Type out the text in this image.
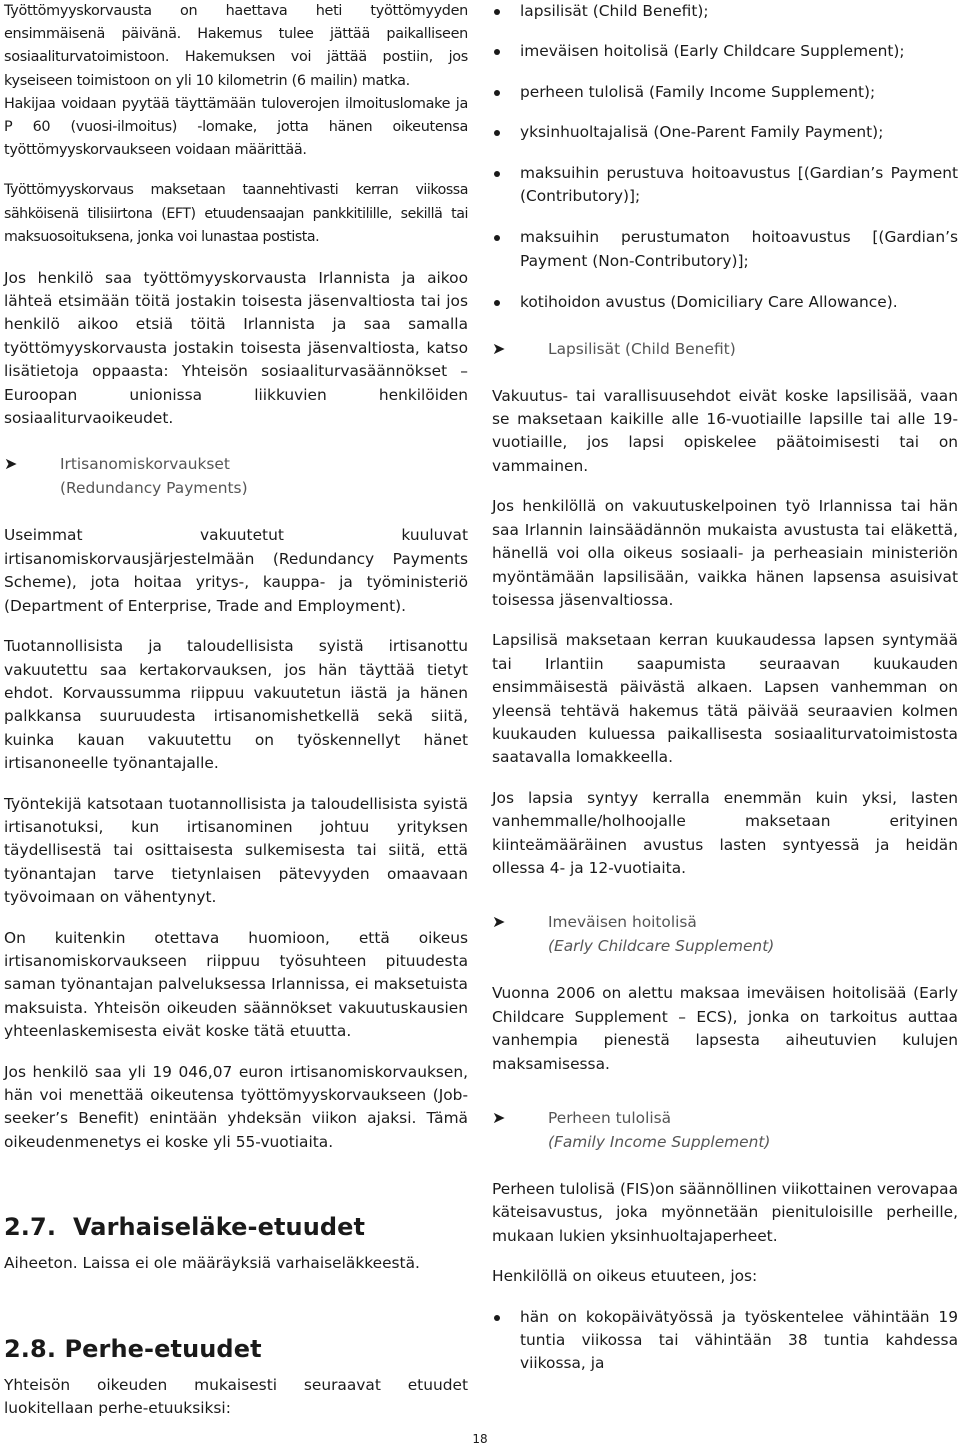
Työttömyyskorvausta on haettava heti työttömyyden ensimmäisenä päivänä. Hakemus tulee jättää paikalliseen sosiaaliturvatoimistoon. Hakemuksen voi jättää postiin, jos kyseiseen toimistoon on yli 10 kilometrin (6 mailin) matka.

Hakijaa voidaan pyytää täyttämään tuloverojen ilmoituslomake ja P 60 (vuosi-ilmoitus) -lomake, jotta hänen oikeutensa työttömyyskorvaukseen voidaan määrittää.

Työttömyyskorvaus maksetaan taannehtivasti kerran viikossa sähköisenä tilisiirtona (EFT) etuudensaajan pankkitilille, sekillä tai maksuosoituksena, jonka voi lunastaa postista.

Jos henkilö saa työttömyyskorvausta Irlannista ja aikoo lähteä etsimään töitä jostakin toisesta jäsenvaltiosta tai jos henkilö aikoo etsiä töitä Irlannista ja saa samalla työttömyyskorvausta jostakin toisesta jäsenvaltiosta, katso lisätietoja oppaasta: Yhteisön sosiaaliturvasäännökset – Euroopan unionissa liikkuvien henkilöiden sosiaaliturvaoikeudet.

➤	Irtisanomiskorvaukset
(Redundancy Payments)

Useimmat vakuutetut kuuluvat irtisanomiskorvausjärjestelmään (Redundancy Payments Scheme), jota hoitaa yritys-, kauppa- ja työministeriö (Department of Enterprise, Trade and Employment).

Tuotannollisista ja taloudellisista syistä irtisanottu vakuutettu saa kertakorvauksen, jos hän täyttää tietyt ehdot. Korvaussumma riippuu vakuutetun iästä ja hänen palkkansa suuruudesta irtisanomishetkellä sekä siitä, kuinka kauan vakuutettu on työskennellyt hänet irtisanoneelle työnantajalle.

Työntekijä katsotaan tuotannollisista ja taloudellisista syistä irtisanotuksi, kun irtisanominen johtuu yrityksen täydellisestä tai osittaisesta sulkemisesta tai siitä, että työnantajan tarve tietynlaisen pätevyyden omaavaan työvoimaan on vähentynyt.

On kuitenkin otettava huomioon, että oikeus irtisanomiskorvaukseen riippuu työsuhteen pituudesta saman työnantajan palveluksessa Irlannissa, ei maksetuista maksuista. Yhteisön oikeuden säännökset vakuutuskausien yhteenlaskemisesta eivät koske tätä etuutta.

Jos henkilö saa yli 19 046,07 euron irtisanomiskorvauksen, hän voi menettää oikeutensa työttömyyskorvaukseen (Job-seeker’s Benefit) enintään yhdeksän viikon ajaksi. Tämä oikeudenmenetys ei koske yli 55-vuotiaita.

2.7.  Varhaiseläke-etuudet

Aiheeton. Laissa ei ole määräyksiä varhaiseläkkeestä.

2.8. Perhe-etuudet

Yhteisön oikeuden mukaisesti seuraavat etuudet luokitellaan perhe-etuuksiksi:

lapsilisät (Child Benefit);
imeväisen hoitolisä (Early Childcare Supplement);
perheen tulolisä (Family Income Supplement);
yksinhuoltajalisä (One-Parent Family Payment);
maksuihin perustuva hoitoavustus [(Gardian’s Payment (Contributory)];
maksuihin perustumaton hoitoavustus [(Gardian’s Payment (Non-Contributory)];
kotihoidon avustus (Domiciliary Care Allowance).
➤	Lapsilisät (Child Benefit)

Vakuutus- tai varallisuusehdot eivät koske lapsilisää, vaan se maksetaan kaikille alle 16-vuotiaille lapsille tai alle 19-vuotiaille, jos lapsi opiskelee päätoimisesti tai on vammainen.

Jos henkilöllä on vakuutuskelpoinen työ Irlannissa tai hän saa Irlannin lainsäädännön mukaista avustusta tai eläkettä, hänellä voi olla oikeus sosiaali- ja perheasiain ministeriön myöntämään lapsilisään, vaikka hänen lapsensa asuisivat toisessa jäsenvaltiossa.

Lapsilisä maksetaan kerran kuukaudessa lapsen syntymää tai Irlantiin saapumista seuraavan kuukauden ensimmäisestä päivästä alkaen. Lapsen vanhemman on yleensä tehtävä hakemus tätä päivää seuraavien kolmen kuukauden kuluessa paikallisesta sosiaaliturvatoimistosta saatavalla lomakkeella.

Jos lapsia syntyy kerralla enemmän kuin yksi, lasten vanhemmalle/holhoojalle maksetaan erityinen kiinteämääräinen avustus lasten syntyessä ja heidän ollessa 4- ja 12-vuotiaita.

➤	Imeväisen hoitolisä
(Early Childcare Supplement)

Vuonna 2006 on alettu maksaa imeväisen hoitolisää (Early Childcare Supplement – ECS), jonka on tarkoitus auttaa vanhempia pienestä lapsesta aiheutuvien kulujen maksamisessa.

➤	Perheen tulolisä
(Family Income Supplement)

Perheen tulolisä (FIS)on säännöllinen viikottainen verovapaa käteisavustus, joka myönnetään pienituloisille perheille, mukaan lukien yksinhuoltajaperheet.

Henkilöllä on oikeus etuuteen, jos:

hän on kokopäivätyössä ja työskentelee vähintään 19 tuntia viikossa tai vähintään 38 tuntia kahdessa viikossa, ja
18
